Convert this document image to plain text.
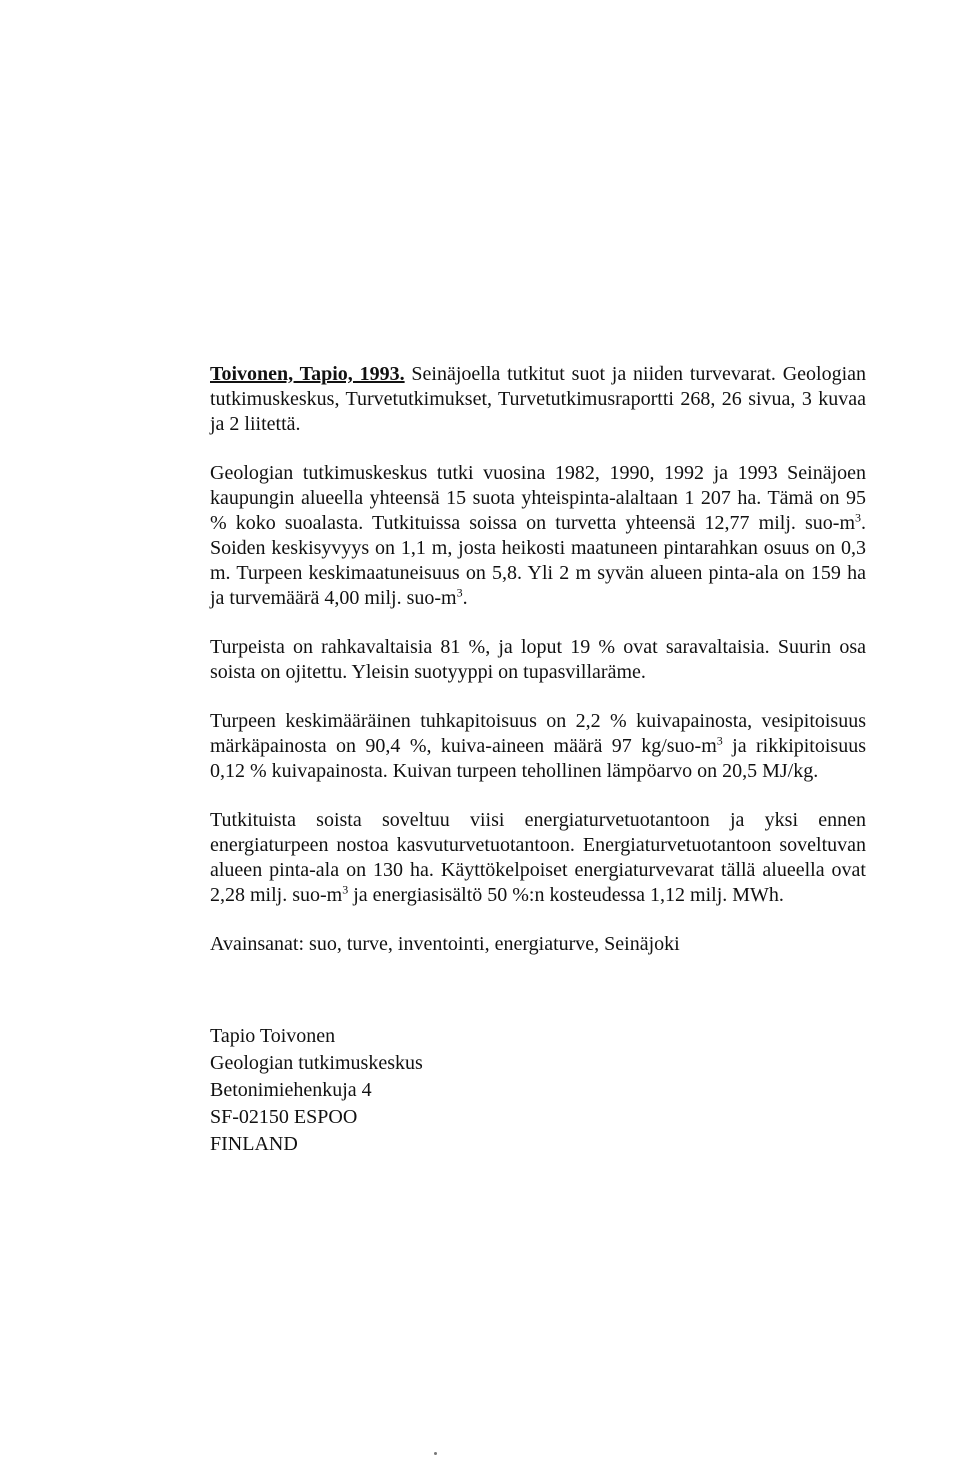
Toivonen, Tapio, 1993. Seinäjoella tutkitut suot ja niiden turvevarat. Geologian tutkimuskeskus, Turvetutkimukset, Turvetutkimusraportti 268, 26 sivua, 3 kuvaa ja 2 liitettä.

Geologian tutkimuskeskus tutki vuosina 1982, 1990, 1992 ja 1993 Seinäjoen kaupungin alueella yhteensä 15 suota yhteispinta-alaltaan 1 207 ha. Tämä on 95 % koko suoalasta. Tutkituissa soissa on turvetta yhteensä 12,77 milj. suo-$m^3$. Soiden keskisyvyys on 1,1 m, josta heikosti maatuneen pintarahkan osuus on 0,3 m. Turpeen keskimaatuneisuus on 5,8. Yli 2 m syvän alueen pinta-ala on 159 ha ja turvemäärä 4,00 milj. suo-$m^3$.

Turpeista on rahkavaltaisia 81 %, ja loput 19 % ovat saravaltaisia. Suurin osa soista on ojitettu. Yleisin suotyyppi on tupasvillaräme.

Turpeen keskimääräinen tuhkapitoisuus on 2,2 % kuivapainosta, vesipitoisuus märkäpainosta on 90,4 %, kuiva-aineen määrä 97 $kg/suo-m^3$ ja rikkipitoisuus 0,12 % kuivapainosta. Kuivan turpeen tehollinen lämpöarvo on 20,5 MJ/kg.

Tutkituista soista soveltuu viisi energiaturvetuotantoon ja yksi ennen energiaturpeen nostoa kasvuturvetuotantoon. Energiaturvetuotantoon soveltuvan alueen pinta-ala on 130 ha. Käyttökelpoiset energiaturvevarat tällä alueella ovat 2,28 milj. suo-$m^3$ ja energiasisältö 50 %:n kosteudessa 1,12 milj. MWh.

Avainsanat: suo, turve, inventointi, energiaturve, Seinäjoki

Tapio Toivonen
Geologian tutkimuskeskus
Betonimiehenkuja 4
SF-02150 ESPOO
FINLAND
